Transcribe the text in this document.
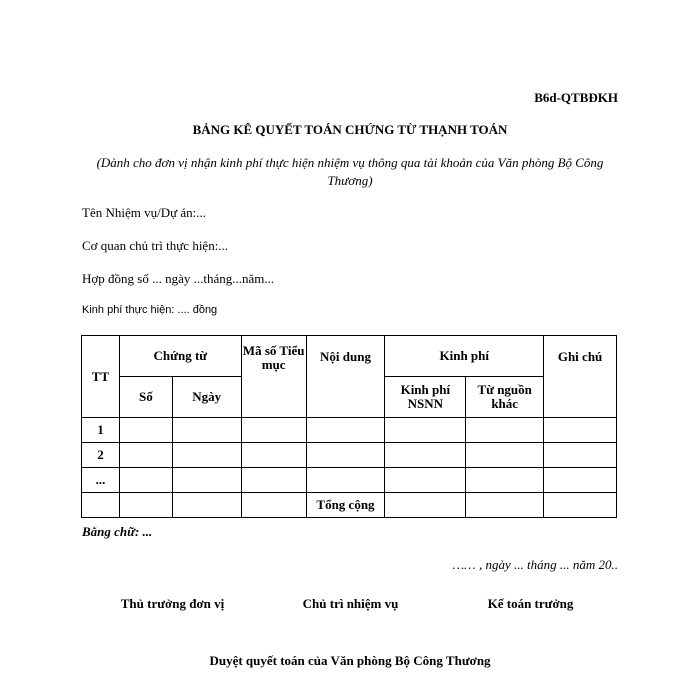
B6d-QTBĐKH
BẢNG KÊ QUYẾT TOÁN CHỨNG TỪ THẠNH TOÁN
(Dành cho đơn vị nhận kinh phí thực hiện nhiệm vụ thông qua tài khoản của Văn phòng Bộ Công Thương)
Tên Nhiệm vụ/Dự án:...
Cơ quan chủ trì thực hiện:...
Hợp đồng số ... ngày ...tháng...năm...
Kinh phí thực hiện: .... đồng
TT	Chứng từ		Mã số Tiểu mục	Nội dung	Kinh phí		Ghi chú
	Số	Ngày			Kinh phí NSNN	Từ nguồn khác	
1							
2							
...							
				Tổng cộng			
Bằng chữ: ...
…… , ngày ... tháng ... năm 20..
Thủ trưởng đơn vị	Chủ trì nhiệm vụ	Kế toán trưởng
Duyệt quyết toán của Văn phòng Bộ Công Thương
